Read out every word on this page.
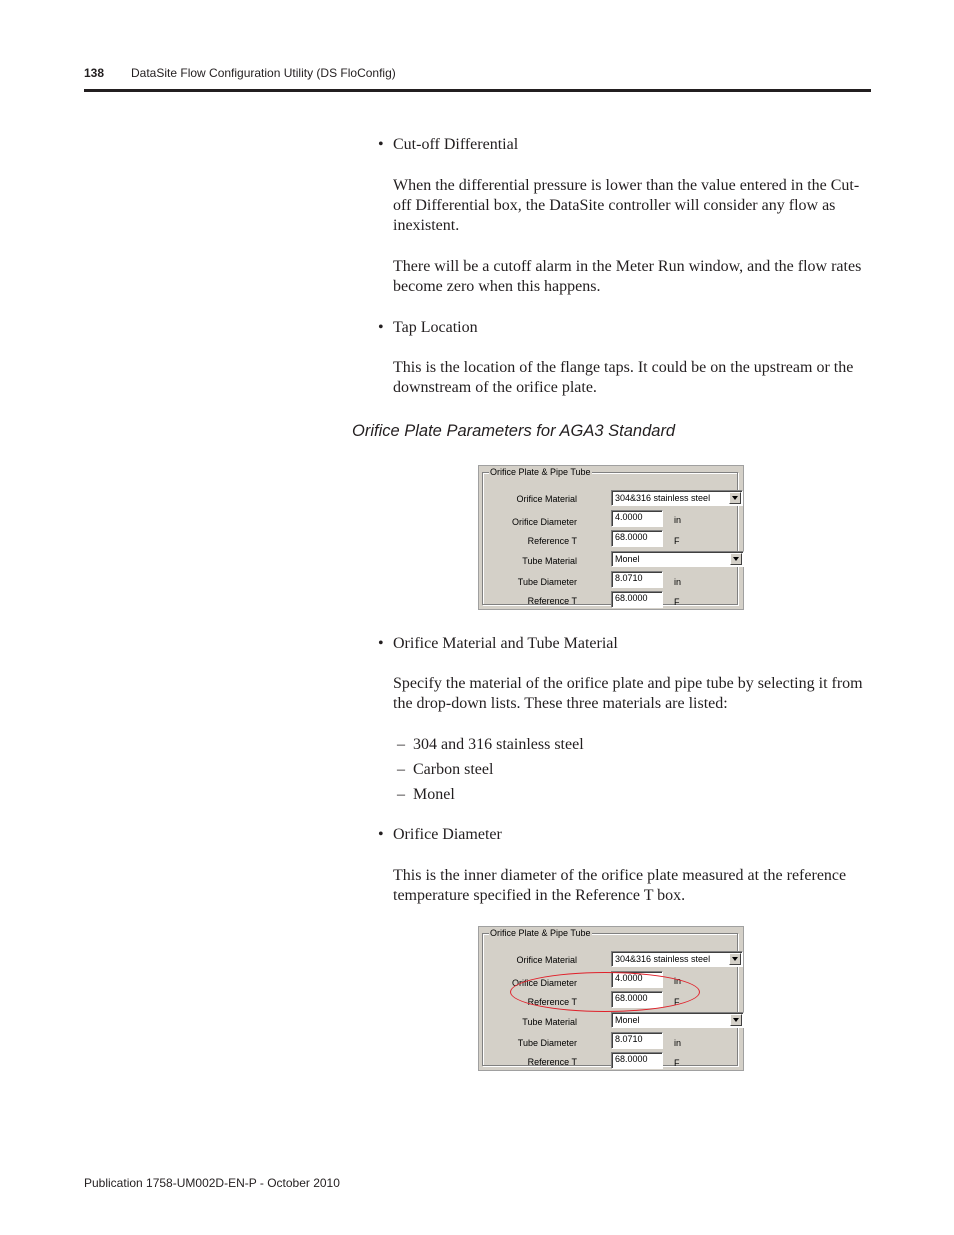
138 DataSite Flow Configuration Utility (DS FloConfig)
• Cut-off Differential
When the differential pressure is lower than the value entered in the Cut-off Differential box, the DataSite controller will consider any flow as inexistent.
There will be a cutoff alarm in the Meter Run window, and the flow rates become zero when this happens.
• Tap Location
This is the location of the flange taps. It could be on the upstream or the downstream of the orifice plate.
Orifice Plate Parameters for AGA3 Standard
Orifice Plate & Pipe Tube
Orifice Material	304&316 stainless steel
Orifice Diameter	4.0000	in
Reference T	68.0000	F
Tube Material	Monel
Tube Diameter	8.0710	in
Reference T	68.0000	F
• Orifice Material and Tube Material
Specify the material of the orifice plate and pipe tube by selecting it from the drop-down lists. These three materials are listed:
– 304 and 316 stainless steel
– Carbon steel
– Monel
• Orifice Diameter
This is the inner diameter of the orifice plate measured at the reference temperature specified in the Reference T box.
Orifice Plate & Pipe Tube
Orifice Material	304&316 stainless steel
Orifice Diameter	4.0000	in
Reference T	68.0000	F
Tube Material	Monel
Tube Diameter	8.0710	in
Reference T	68.0000	F
Publication 1758-UM002D-EN-P - October 2010
